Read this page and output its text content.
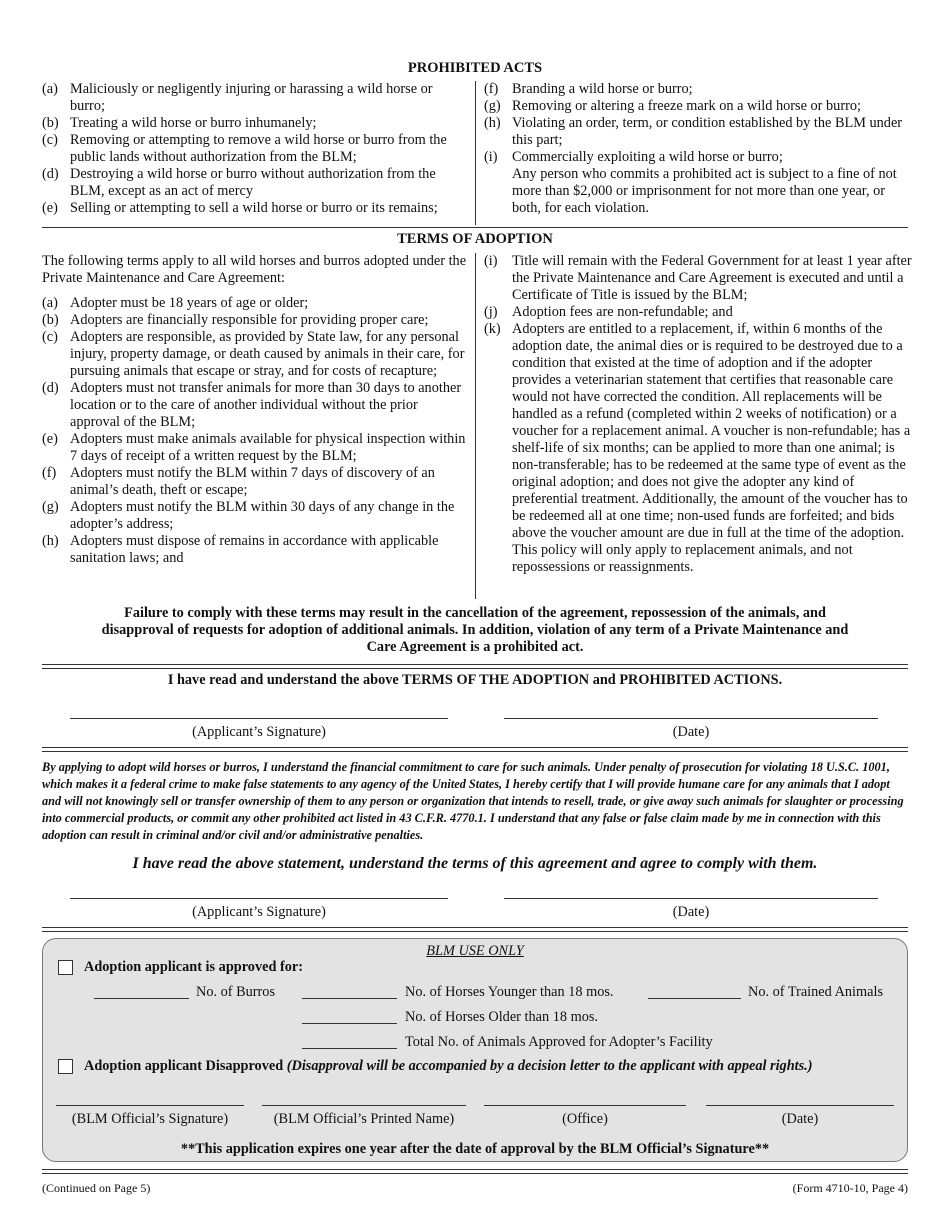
PROHIBITED ACTS
(a) Maliciously or negligently injuring or harassing a wild horse or burro;
(b) Treating a wild horse or burro inhumanely;
(c) Removing or attempting to remove a wild horse or burro from the public lands without authorization from the BLM;
(d) Destroying a wild horse or burro without authorization from the BLM, except as an act of mercy
(e) Selling or attempting to sell a wild horse or burro or its remains;
(f) Branding a wild horse or burro;
(g) Removing or altering a freeze mark on a wild horse or burro;
(h) Violating an order, term, or condition established by the BLM under this part;
(i)	Commercially exploiting a wild horse or burro;
Any person who commits a prohibited act is subject to a fine of not more than $2,000 or imprisonment for not more than one year, or both, for each violation.
TERMS OF ADOPTION
The following terms apply to all wild horses and burros adopted under the Private Maintenance and Care Agreement:
(a) Adopter must be 18 years of age or older;
(b) Adopters are financially responsible for providing proper care;
(c) Adopters are responsible, as provided by State law, for any personal injury, property damage, or death caused by animals in their care, for pursuing animals that escape or stray, and for costs of recapture;
(d) Adopters must not transfer animals for more than 30 days to another location or to the care of another individual without the prior approval of the BLM;
(e) Adopters must make animals available for physical inspection within 7 days of receipt of a written request by the BLM;
(f) Adopters must notify the BLM within 7 days of discovery of an animal’s death, theft or escape;
(g) Adopters must notify the BLM within 30 days of any change in the adopter’s address;
(h) Adopters must dispose of remains in accordance with applicable sanitation laws; and
(i)	Title will remain with the Federal Government for at least 1 year after the Private Maintenance and Care Agreement is executed and until a Certificate of Title is issued by the BLM;
(j)	Adoption fees are non-refundable; and
(k) Adopters are entitled to a replacement, if, within 6 months of the adoption date, the animal dies or is required to be destroyed due to a condition that existed at the time of adoption and if the adopter provides a veterinarian statement that certifies that reasonable care would not have corrected the condition. All replacements will be handled as a refund (completed within 2 weeks of notification) or a voucher for a replacement animal. A voucher is non-refundable; has a shelf-life of six months; can be applied to more than one animal; is non-transferable; has to be redeemed at the same type of event as the original adoption; and does not give the adopter any kind of preferential treatment. Additionally, the amount of the voucher has to be redeemed all at one time; non-used funds are forfeited; and bids above the voucher amount are due in full at the time of the adoption. This policy will only apply to replacement animals, and not repossessions or reassignments.
Failure to comply with these terms may result in the cancellation of the agreement, repossession of the animals, and disapproval of requests for adoption of additional animals. In addition, violation of any term of a Private Maintenance and Care Agreement is a prohibited act.
I have read and understand the above TERMS OF THE ADOPTION and PROHIBITED ACTIONS.
(Applicant’s Signature)	(Date)
By applying to adopt wild horses or burros, I understand the financial commitment to care for such animals. Under penalty of prosecution for violating 18 U.S.C. 1001, which makes it a federal crime to make false statements to any agency of the United States, I hereby certify that I will provide humane care for any animals that I adopt and will not knowingly sell or transfer ownership of them to any person or organization that intends to resell, trade, or give away such animals for slaughter or processing into commercial products, or commit any other prohibited act listed in 43 C.F.R. 4770.1. I understand that any false or false claim made by me in connection with this adoption can result in criminal and/or civil and/or administrative penalties.
I have read the above statement, understand the terms of this agreement and agree to comply with them.
(Applicant’s Signature)	(Date)
BLM USE ONLY
Adoption applicant is approved for:
No. of Burros	No. of Horses Younger than 18 mos.	No. of Trained Animals
No. of Horses Older than 18 mos.
Total No. of Animals Approved for Adopter’s Facility
Adoption applicant Disapproved (Disapproval will be accompanied by a decision letter to the applicant with appeal rights.)
(BLM Official’s Signature)	(BLM Official’s Printed Name)	(Office)	(Date)
**This application expires one year after the date of approval by the BLM Official’s Signature**
(Continued on Page 5)	(Form 4710-10, Page 4)
